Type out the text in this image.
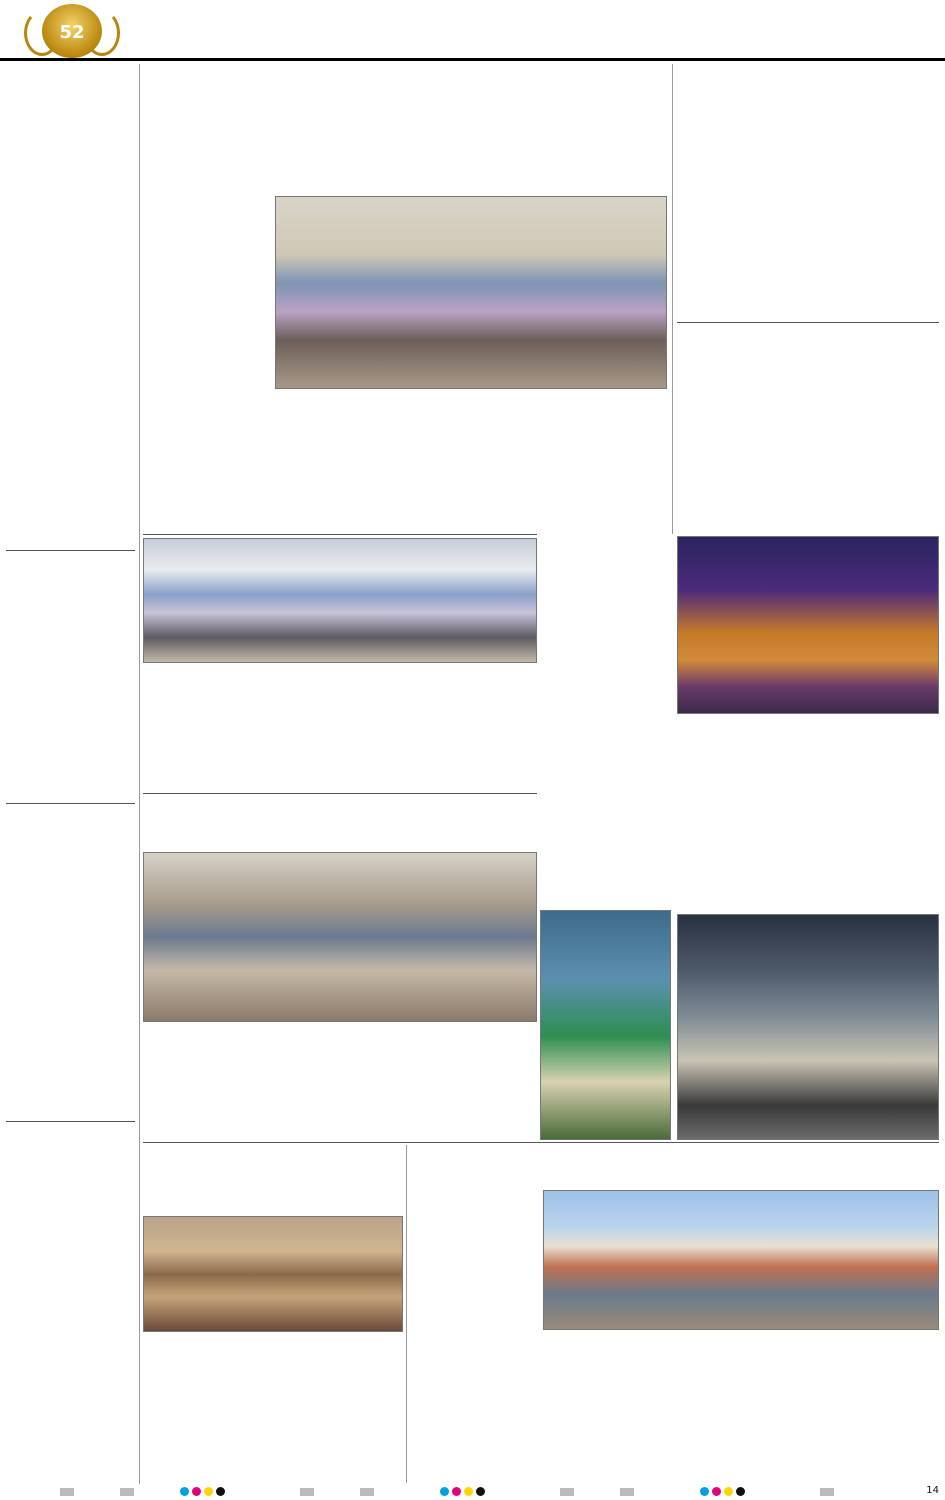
52
14
